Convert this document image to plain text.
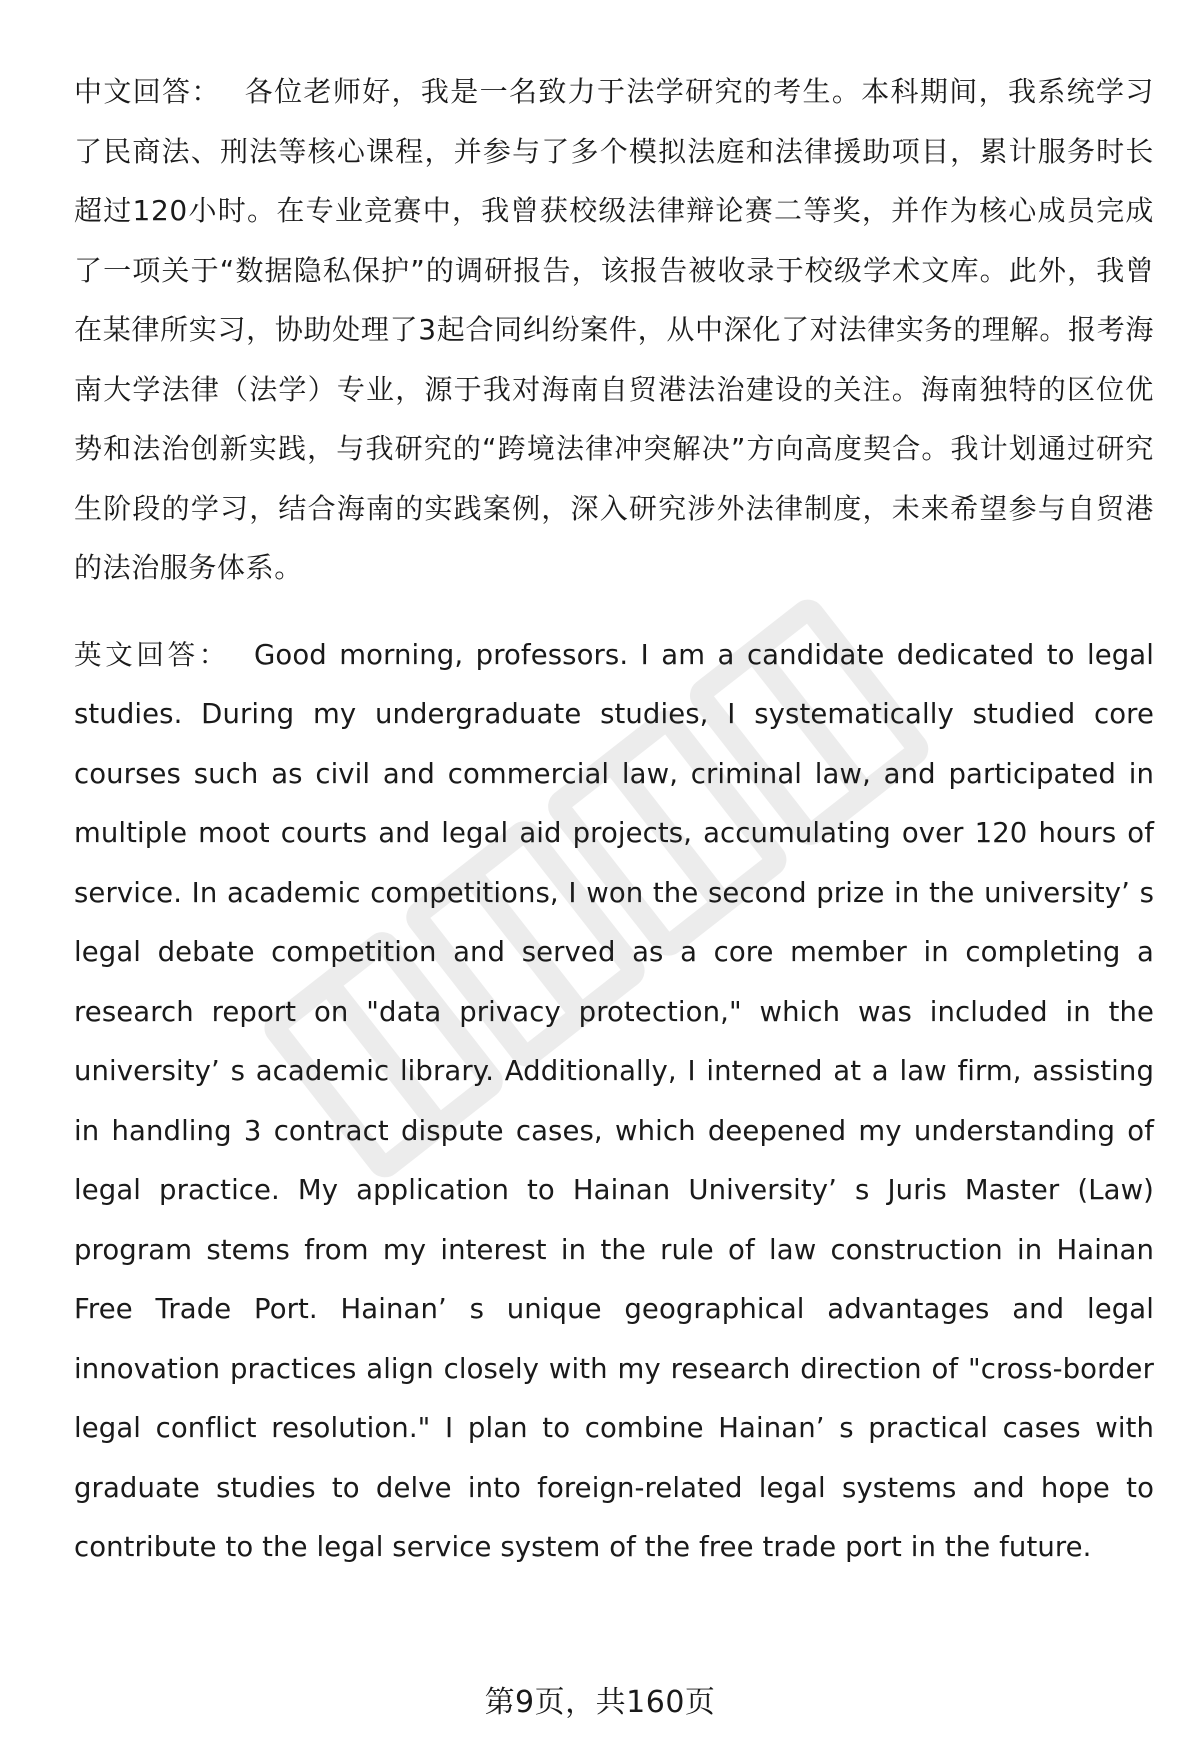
中文回答： 各位老师好，我是一名致力于法学研究的考生。本科期间，我系统学习了民商法、刑法等核心课程，并参与了多个模拟法庭和法律援助项目，累计服务时长超过120小时。在专业竞赛中，我曾获校级法律辩论赛二等奖，并作为核心成员完成了一项关于“数据隐私保护”的调研报告，该报告被收录于校级学术文库。此外，我曾在某律所实习，协助处理了3起合同纠纷案件，从中深化了对法律实务的理解。报考海南大学法律（法学）专业，源于我对海南自贸港法治建设的关注。海南独特的区位优势和法治创新实践，与我研究的“跨境法律冲突解决”方向高度契合。我计划通过研究生阶段的学习，结合海南的实践案例，深入研究涉外法律制度，未来希望参与自贸港的法治服务体系。

英文回答： Good morning, professors. I am a candidate dedicated to legal studies. During my undergraduate studies, I systematically studied core courses such as civil and commercial law, criminal law, and participated in multiple moot courts and legal aid projects, accumulating over 120 hours of service. In academic competitions, I won the second prize in the university’ s legal debate competition and served as a core member in completing a research report on "data privacy protection," which was included in the university’ s academic library. Additionally, I interned at a law firm, assisting in handling 3 contract dispute cases, which deepened my understanding of legal practice. My application to Hainan University’ s Juris Master (Law) program stems from my interest in the rule of law construction in Hainan Free Trade Port. Hainan’ s unique geographical advantages and legal innovation practices align closely with my research direction of "cross-border legal conflict resolution." I plan to combine Hainan’ s practical cases with graduate studies to delve into foreign-related legal systems and hope to contribute to the legal service system of the free trade port in the future.

第9页，共160页
